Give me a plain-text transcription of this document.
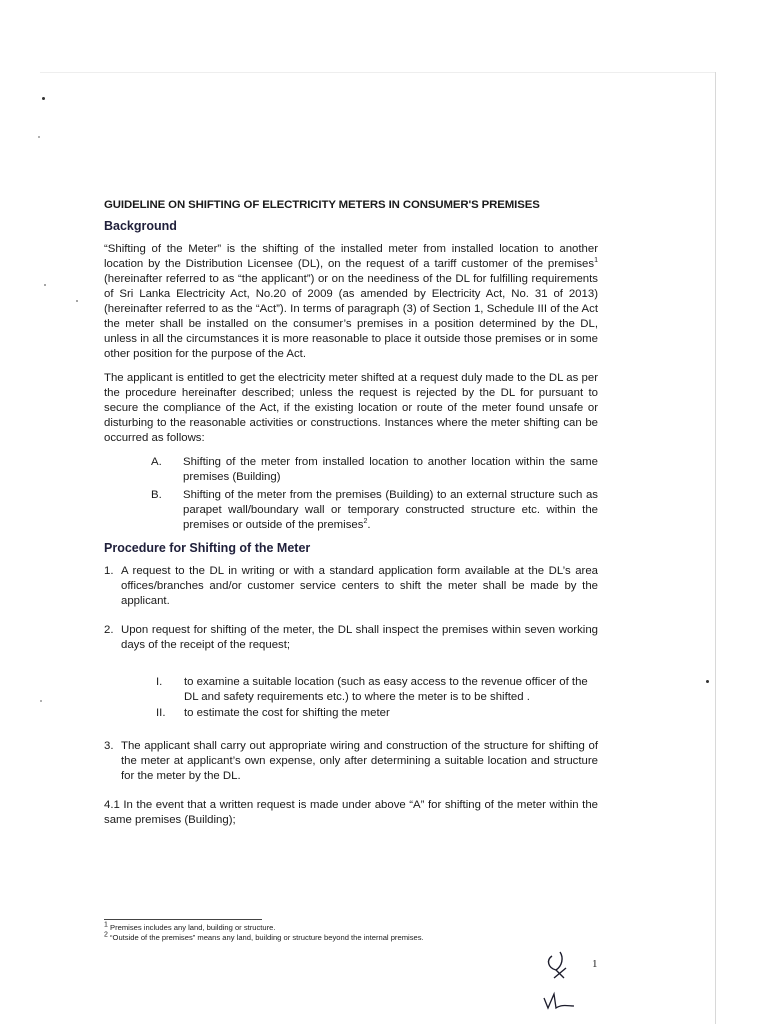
GUIDELINE ON SHIFTING OF ELECTRICITY METERS IN CONSUMER'S PREMISES
Background

“Shifting of the Meter” is the shifting of the installed meter from installed location to another location by the Distribution Licensee (DL), on the request of a tariff customer of the premises$^1$ (hereinafter referred to as “the applicant”) or on the neediness of the DL for fulfilling requirements of Sri Lanka Electricity Act, No.20 of 2009 (as amended by Electricity Act, No. 31 of 2013) (hereinafter referred to as the “Act”). In terms of paragraph (3) of Section 1, Schedule III of the Act the meter shall be installed on the consumer’s premises in a position determined by the DL, unless in all the circumstances it is more reasonable to place it outside those premises or in some other position for the purpose of the Act.

The applicant is entitled to get the electricity meter shifted at a request duly made to the DL as per the procedure hereinafter described; unless the request is rejected by the DL for pursuant to secure the compliance of the Act, if the existing location or route of the meter found unsafe or disturbing to the reasonable activities or constructions. Instances where the meter shifting can be occurred as follows:

A. Shifting of the meter from installed location to another location within the same premises (Building)
B. Shifting of the meter from the premises (Building) to an external structure such as parapet wall/boundary wall or temporary constructed structure etc. within the premises or outside of the premises$^2$.
Procedure for Shifting of the Meter
1. A request to the DL in writing or with a standard application form available at the DL’s area offices/branches and/or customer service centers to shift the meter shall be made by the applicant.
2. Upon request for shifting of the meter, the DL shall inspect the premises within seven working days of the receipt of the request;
I. to examine a suitable location (such as easy access to the revenue officer of the DL and safety requirements etc.) to where the meter is to be shifted .
II. to estimate the cost for shifting the meter
3. The applicant shall carry out appropriate wiring and construction of the structure for shifting of the meter at applicant’s own expense, only after determining a suitable location and structure for the meter by the DL.
4.1 In the event that a written request is made under above “A” for shifting of the meter within the same premises (Building);
$^1$ Premises includes any land, building or structure.
$^2$ “Outside of the premises” means any land, building or structure beyond the internal premises.
1
